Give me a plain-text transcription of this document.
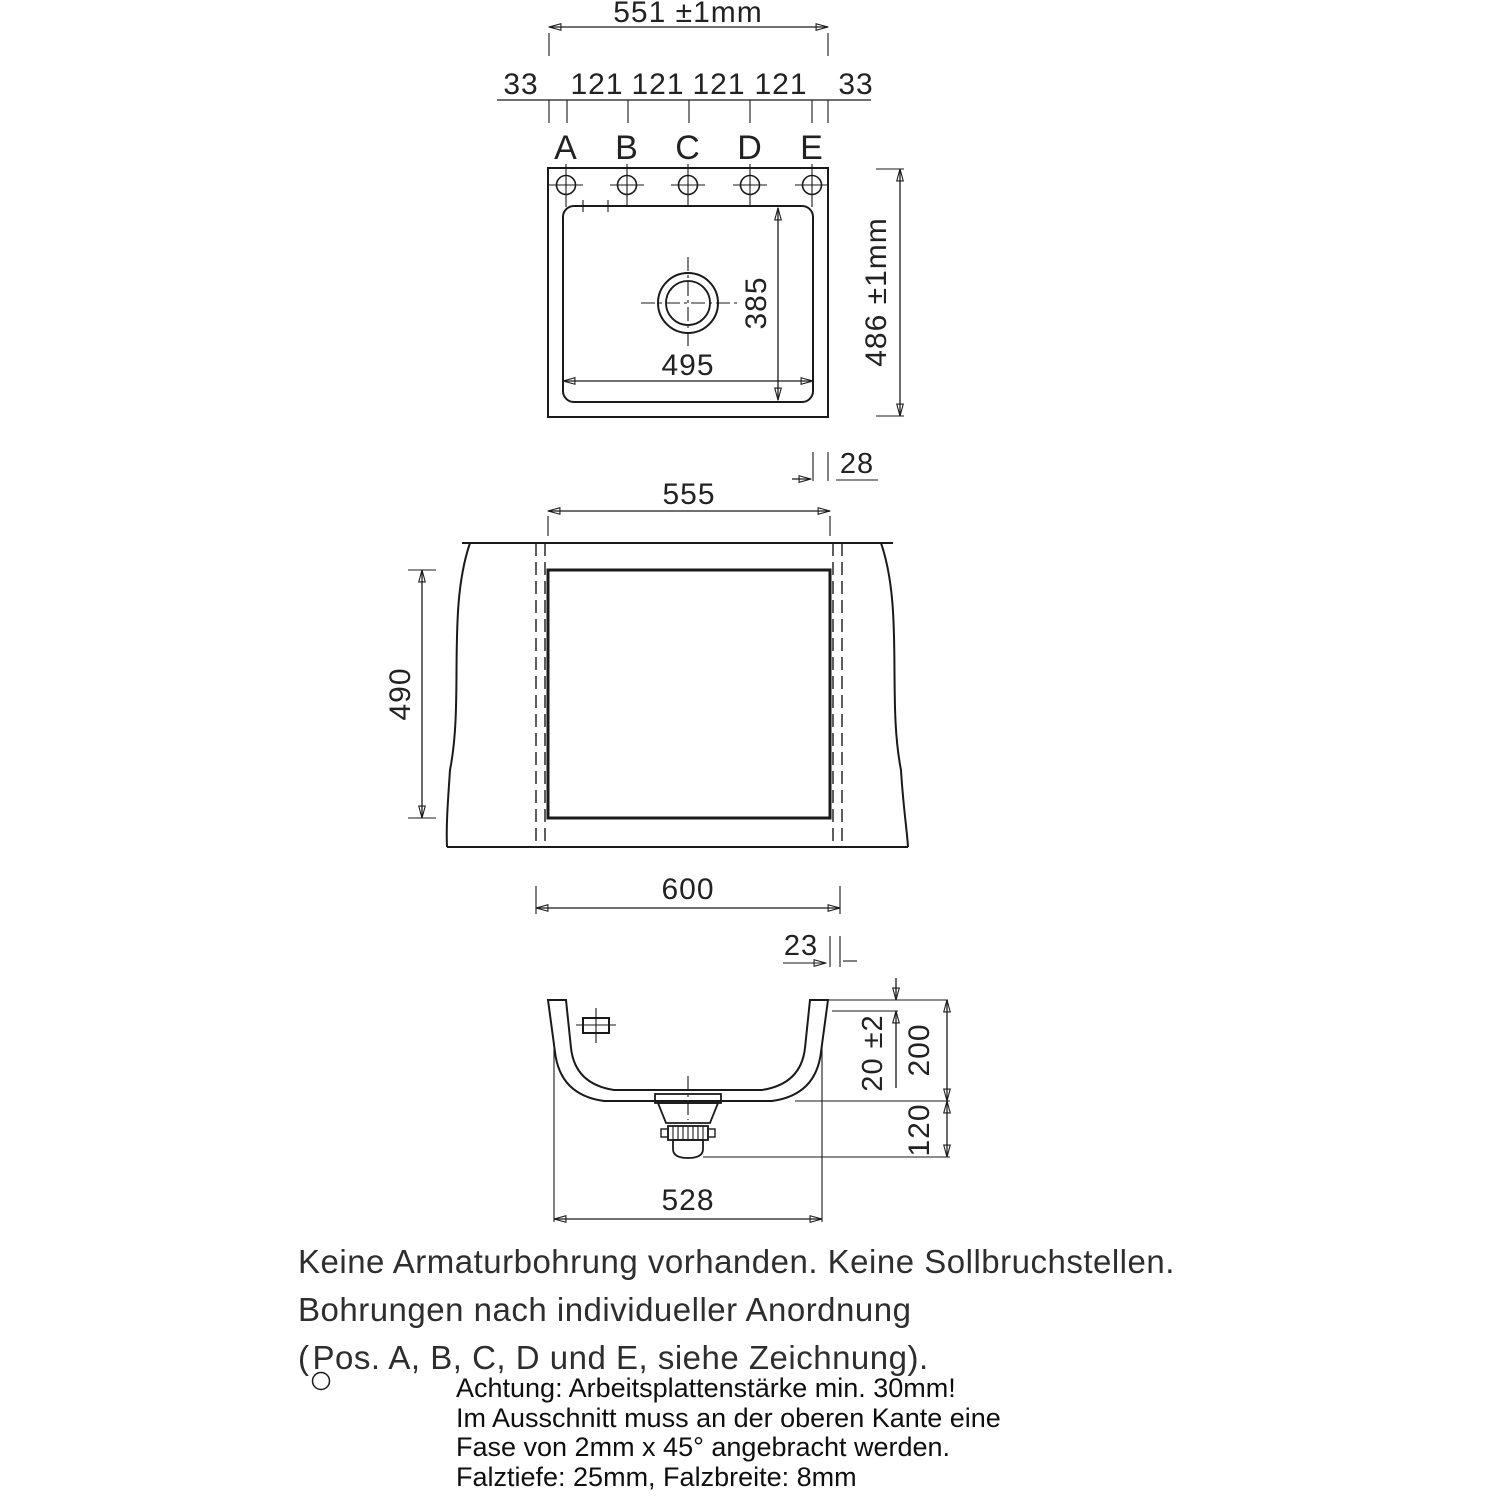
551 ±1mm
33 121 121 121 121 33
A B C D E
495
385	486 ±1mm
28
555
490
600
23
20 ±2 200
120
528
Keine Armaturbohrung vorhanden. Keine Sollbruchstellen.
Bohrungen nach individueller Anordnung
(
Pos. A, B, C, D und E, siehe Zeichnung).
Achtung: Arbeitsplattenstärke min. 30mm!
Im Ausschnitt muss an der oberen Kante eine
Fase von 2mm x 45° angebracht werden.
Falztiefe: 25mm, Falzbreite: 8mm
